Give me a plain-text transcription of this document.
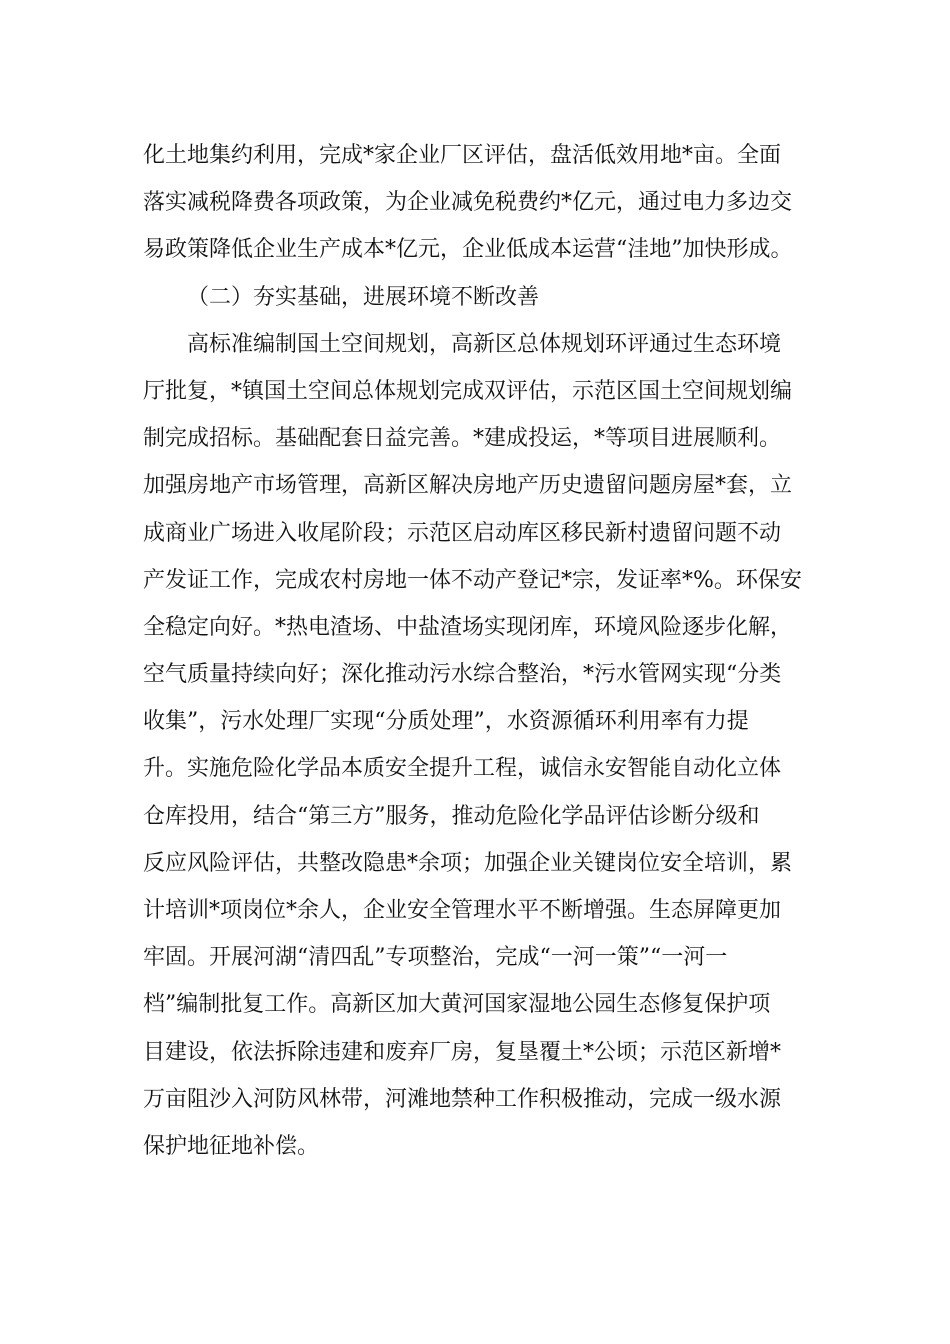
化土地集约利用，完成*家企业厂区评估，盘活低效用地*亩。全面
落实减税降费各项政策，为企业减免税费约*亿元，通过电力多边交
易政策降低企业生产成本*亿元，企业低成本运营“洼地”加快形成。
（二）夯实基础，进展环境不断改善
高标准编制国土空间规划，高新区总体规划环评通过生态环境
厅批复，*镇国土空间总体规划完成双评估，示范区国土空间规划编
制完成招标。基础配套日益完善。*建成投运，*等项目进展顺利。
加强房地产市场管理，高新区解决房地产历史遗留问题房屋*套，立
成商业广场进入收尾阶段；示范区启动库区移民新村遗留问题不动
产发证工作，完成农村房地一体不动产登记*宗，发证率*%。环保安
全稳定向好。*热电渣场、中盐渣场实现闭库，环境风险逐步化解，
空气质量持续向好；深化推动污水综合整治，*污水管网实现“分类
收集”，污水处理厂实现“分质处理”，水资源循环利用率有力提
升。实施危险化学品本质安全提升工程，诚信永安智能自动化立体
仓库投用，结合“第三方”服务，推动危险化学品评估诊断分级和
反应风险评估，共整改隐患*余项；加强企业关键岗位安全培训，累
计培训*项岗位*余人，企业安全管理水平不断增强。生态屏障更加
牢固。开展河湖“清四乱”专项整治，完成“一河一策”“一河一
档”编制批复工作。高新区加大黄河国家湿地公园生态修复保护项
目建设，依法拆除违建和废弃厂房，复垦覆土*公顷；示范区新增*
万亩阻沙入河防风林带，河滩地禁种工作积极推动，完成一级水源
保护地征地补偿。
